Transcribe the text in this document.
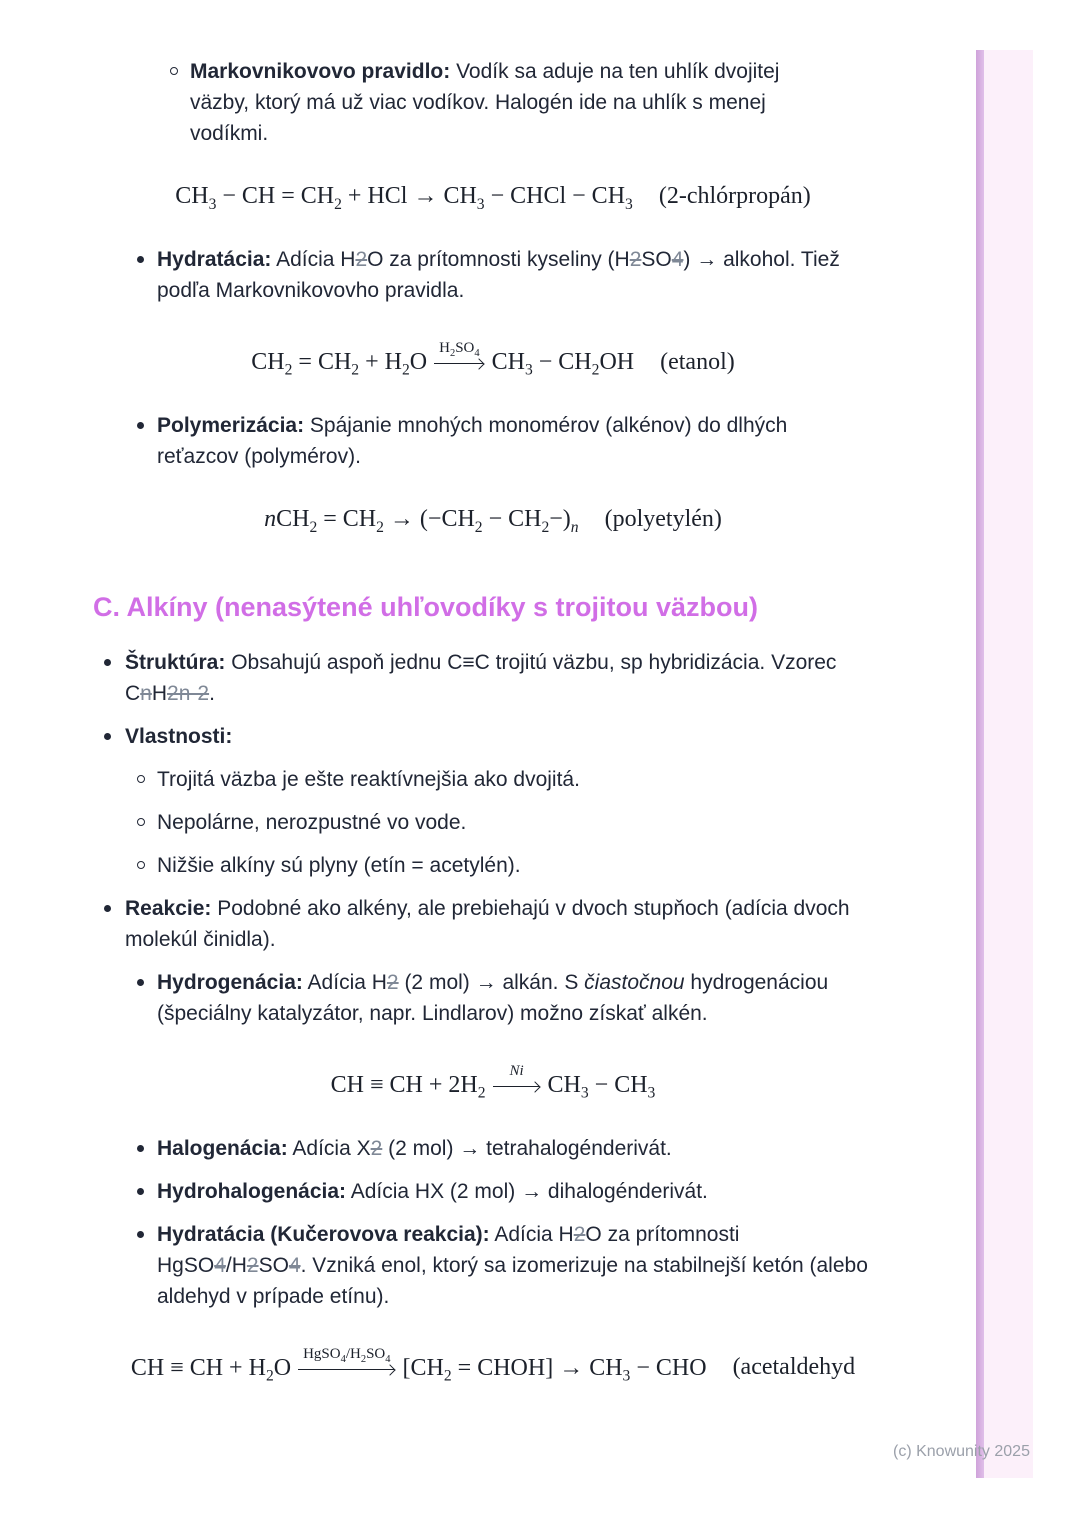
Markovnikovovo pravidlo: Vodík sa aduje na ten uhlík dvojitej väzby, ktorý má už viac vodíkov. Halogén ide na uhlík s menej vodíkmi.
$CH_3$ − CH = $CH_2$ + HCl → $CH_3$ − CHCl − $CH_3$ (2-chlórpropán)
Hydratácia: Adícia H2O za prítomnosti kyseliny (H2SO4) → alkohol. Tiež podľa Markovnikovovho pravidla.
$CH_2 = CH_2 + H_2O$
$H_2SO_4$ $CH_3 - CH_2OH$ (etanol)
Polymerizácia: Spájanie mnohých monomérov (alkénov) do dlhých reťazcov (polymérov).
$nCH_2 = CH_2 \to (-CH_2 - CH_2-)_n$ (polyetylén)
C. Alkíny (nenasýtené uhľovodíky s trojitou väzbou)
Štruktúra: Obsahujú aspoň jednu C≡C trojitú väzbu, sp hybridizácia. Vzorec CnH2n-2.
Vlastnosti:
Trojitá väzba je ešte reaktívnejšia ako dvojitá.
Nepolárne, nerozpustné vo vode.
Nižšie alkíny sú plyny (etín = acetylén).
Reakcie: Podobné ako alkény, ale prebiehajú v dvoch stupňoch (adícia dvoch molekúl činidla).
Hydrogenácia: Adícia H2 (2 mol) → alkán. S čiastočnou hydrogenáciou (špeciálny katalyzátor, napr. Lindlarov) možno získať alkén.
CH ≡ CH + $2H_2$
Ni
$CH_3 - CH_3$
Halogenácia: Adícia X2 (2 mol) → tetrahalogénderivát.
Hydrohalogenácia: Adícia HX (2 mol) → dihalogénderivát.
Hydratácia (Kučerovova reakcia): Adícia H2O za prítomnosti HgSO4/H2SO4. Vzniká enol, ktorý sa izomerizuje na stabilnejší ketón (alebo aldehyd v prípade etínu).
CH ≡ CH + $H_2O$
$HgSO_4/H_2SO_4$ [$CH_2$ = CHOH] → $CH_3$ − CHO (acetaldehyd
(c) Knowunity 2025
